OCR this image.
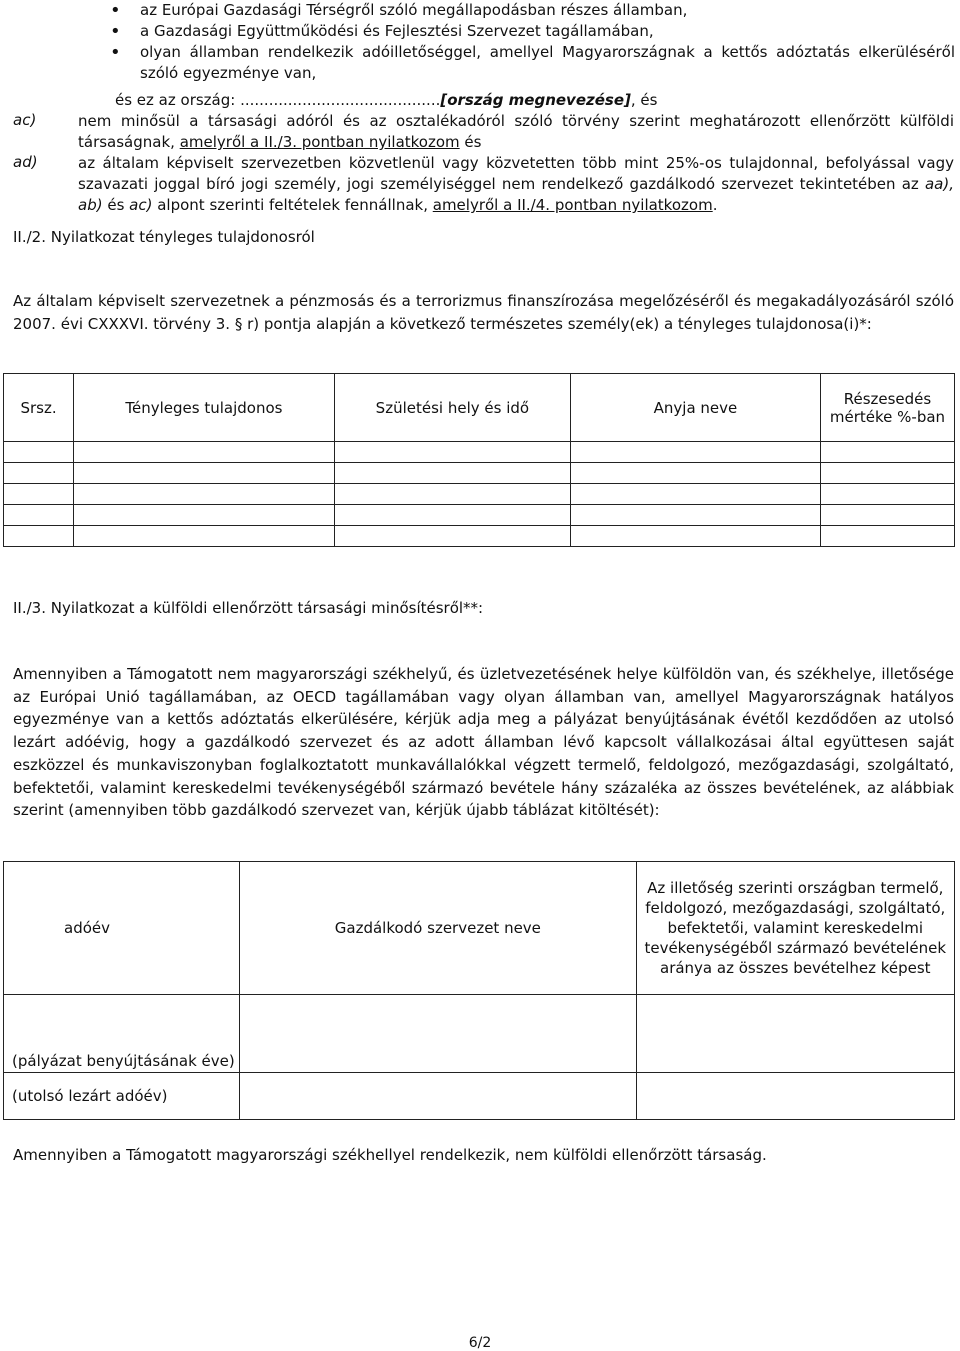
• az Európai Gazdasági Térségről szóló megállapodásban részes államban,
• a Gazdasági Együttműködési és Fejlesztési Szervezet tagállamában,
• olyan államban rendelkezik adóilletőséggel, amellyel Magyarországnak a kettős adóztatás elkerüléséről szóló egyezménye van,
és ez az ország: ..........................................[ország megnevezése], és
ac)	nem minősül a társasági adóról és az osztalékadóról szóló törvény szerint meghatározott ellenőrzött külföldi társaságnak, amelyről a II./3. pontban nyilatkozom és
ad)	az általam képviselt szervezetben közvetlenül vagy közvetetten több mint 25%-os tulajdonnal, befolyással vagy szavazati joggal bíró jogi személy, jogi személyiséggel nem rendelkező gazdálkodó szervezet tekintetében az aa), ab) és ac) alpont szerinti feltételek fennállnak, amelyről a II./4. pontban nyilatkozom.
II./2. Nyilatkozat tényleges tulajdonosról
Az általam képviselt szervezetnek a pénzmosás és a terrorizmus finanszírozása megelőzéséről és megakadályozásáról szóló 2007. évi CXXXVI. törvény 3. § r) pontja alapján a következő természetes személy(ek) a tényleges tulajdonosa(i)*:
Srsz.	Tényleges tulajdonos	Születési hely és idő	Anyja neve	Részesedés mértéke %-ban

II./3. Nyilatkozat a külföldi ellenőrzött társasági minősítésről**:
Amennyiben a Támogatott nem magyarországi székhelyű, és üzletvezetésének helye külföldön van, és székhelye, illetősége az Európai Unió tagállamában, az OECD tagállamában vagy olyan államban van, amellyel Magyarországnak hatályos egyezménye van a kettős adóztatás elkerülésére, kérjük adja meg a pályázat benyújtásának évétől kezdődően az utolsó lezárt adóévig, hogy a gazdálkodó szervezet és az adott államban lévő kapcsolt vállalkozásai által együttesen saját eszközzel és munkaviszonyban foglalkoztatott munkavállalókkal végzett termelő, feldolgozó, mezőgazdasági, szolgáltató, befektetői, valamint kereskedelmi tevékenységéből származó bevétele hány százaléka az összes bevételének, az alábbiak szerint (amennyiben több gazdálkodó szervezet van, kérjük újabb táblázat kitöltését):
adóév	Gazdálkodó szervezet neve	Az illetőség szerinti országban termelő, feldolgozó, mezőgazdasági, szolgáltató, befektetői, valamint kereskedelmi tevékenységéből származó bevételének aránya az összes bevételhez képest
(pályázat benyújtásának éve)		
(utolsó lezárt adóév)		
Amennyiben a Támogatott magyarországi székhellyel rendelkezik, nem külföldi ellenőrzött társaság.
6/2
